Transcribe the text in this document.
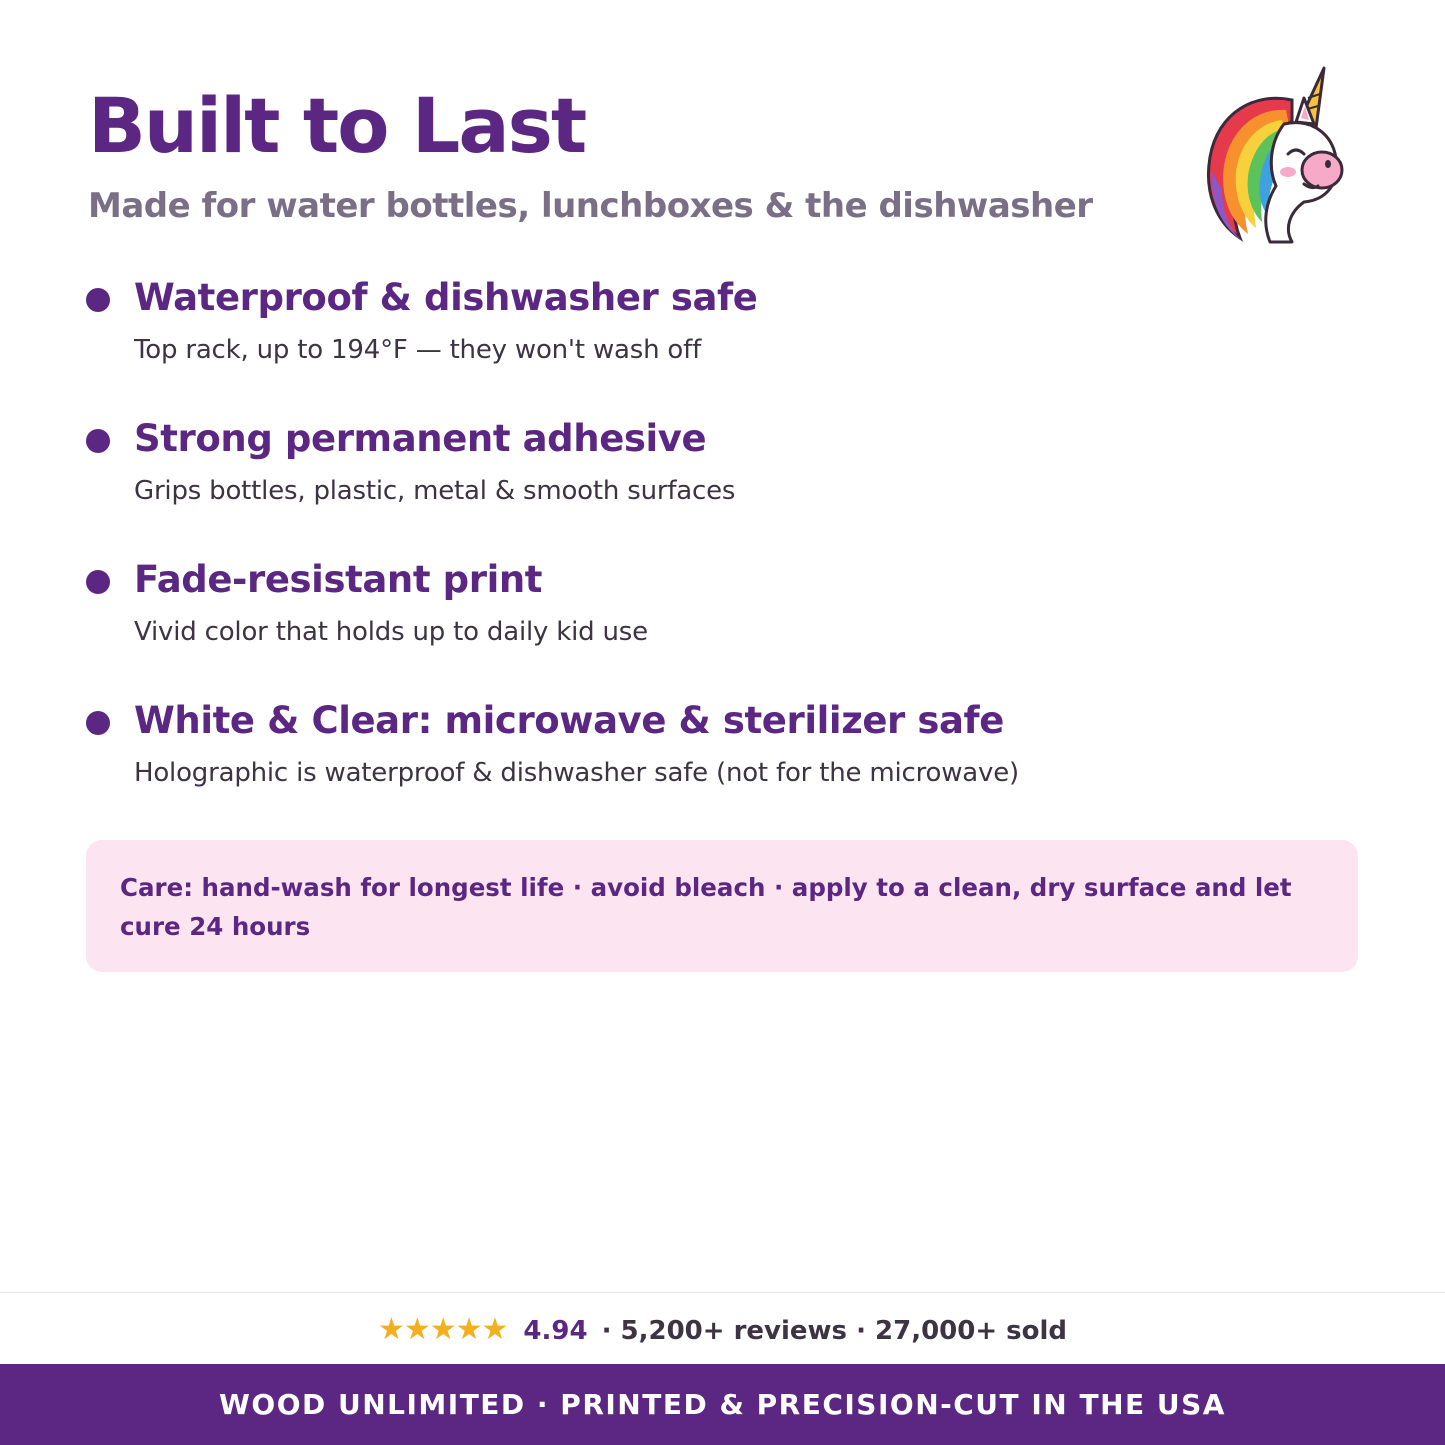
Built to Last

Made for water bottles, lunchboxes & the dishwasher

Waterproof & dishwasher safe

Top rack, up to 194°F — they won't wash off

Strong permanent adhesive

Grips bottles, plastic, metal & smooth surfaces

Fade-resistant print

Vivid color that holds up to daily kid use

White & Clear: microwave & sterilizer safe

Holographic is waterproof & dishwasher safe (not for the microwave)

Care: hand-wash for longest life · avoid bleach · apply to a clean, dry surface and let cure 24 hours

★★★★★ 4.94 · 5,200+ reviews · 27,000+ sold

WOOD UNLIMITED · PRINTED & PRECISION-CUT IN THE USA
